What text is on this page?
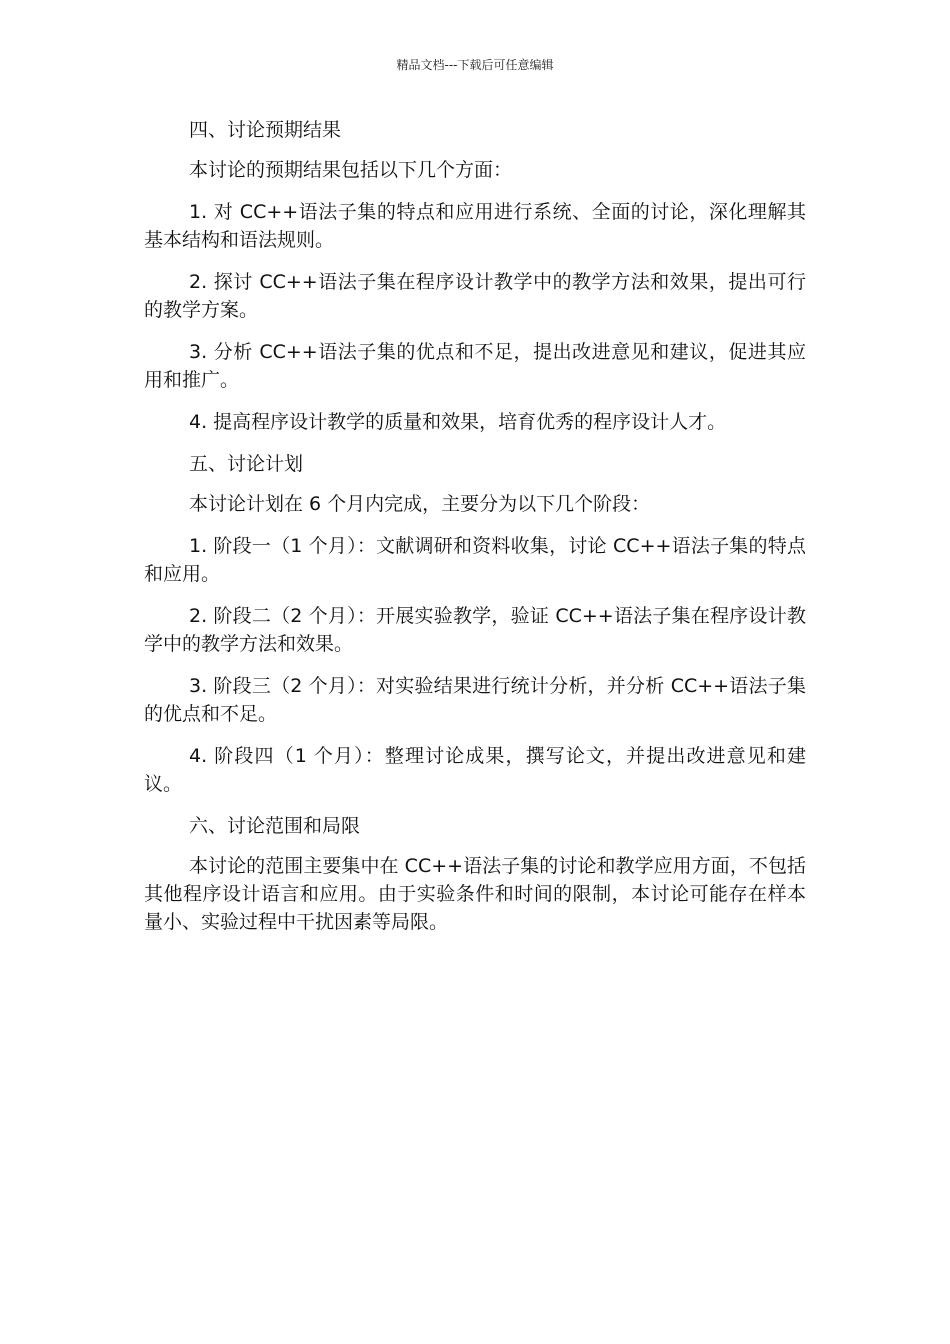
精品文档---下载后可任意编辑

四、讨论预期结果

本讨论的预期结果包括以下几个方面：

1. 对 CC++语法子集的特点和应用进行系统、全面的讨论，深化理解其基本结构和语法规则。

2. 探讨 CC++语法子集在程序设计教学中的教学方法和效果，提出可行的教学方案。

3. 分析 CC++语法子集的优点和不足，提出改进意见和建议，促进其应用和推广。

4. 提高程序设计教学的质量和效果，培育优秀的程序设计人才。

五、讨论计划

本讨论计划在 6 个月内完成，主要分为以下几个阶段：

1. 阶段一（1 个月）：文献调研和资料收集，讨论 CC++语法子集的特点和应用。

2. 阶段二（2 个月）：开展实验教学，验证 CC++语法子集在程序设计教学中的教学方法和效果。

3. 阶段三（2 个月）：对实验结果进行统计分析，并分析 CC++语法子集的优点和不足。

4. 阶段四（1 个月）：整理讨论成果，撰写论文，并提出改进意见和建议。

六、讨论范围和局限

本讨论的范围主要集中在 CC++语法子集的讨论和教学应用方面，不包括其他程序设计语言和应用。由于实验条件和时间的限制，本讨论可能存在样本量小、实验过程中干扰因素等局限。
